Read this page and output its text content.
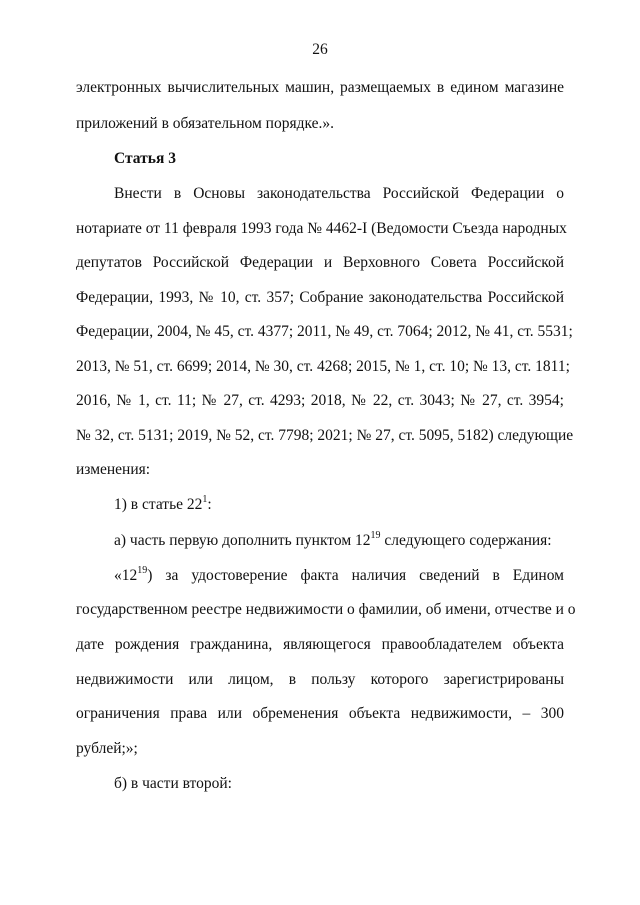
26
электронных вычислительных машин, размещаемых в едином магазине
приложений в обязательном порядке.».
Статья 3
Внести в Основы законодательства Российской Федерации о
нотариате от 11 февраля 1993 года № 4462-I (Ведомости Съезда народных
депутатов Российской Федерации и Верховного Совета Российской
Федерации, 1993, № 10, ст. 357; Собрание законодательства Российской
Федерации, 2004, № 45, ст. 4377; 2011, № 49, ст. 7064; 2012, № 41, ст. 5531;
2013, № 51, ст. 6699; 2014, № 30, ст. 4268; 2015, № 1, ст. 10; № 13, ст. 1811;
2016, № 1, ст. 11; № 27, ст. 4293; 2018, № 22, ст. 3043; № 27, ст. 3954;
№ 32, ст. 5131; 2019, № 52, ст. 7798; 2021; № 27, ст. 5095, 5182) следующие
изменения:
1) в статье $22^1$:
а) часть первую дополнить пунктом $12^{19}$ следующего содержания:
«$12^{19}$) за удостоверение факта наличия сведений в Едином
государственном реестре недвижимости о фамилии, об имени, отчестве и о
дате рождения гражданина, являющегося правообладателем объекта
недвижимости или лицом, в пользу которого зарегистрированы
ограничения права или обременения объекта недвижимости, – 300
рублей;»;
б) в части второй:
